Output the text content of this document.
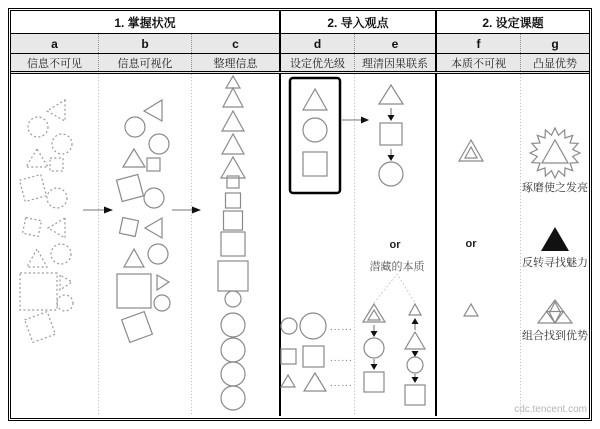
1. 掌握状况	2. 导入观点	2. 设定课题
a	b	c	d	e	f	g
信息不可见	信息可视化	整理信息	设定优先级	理清因果联系	本质不可视	凸显优势
......
......
......
or
潜藏的本质
or
琢磨使之发亮
反转寻找魅力
组合找到优势
cdc.tencent.com
